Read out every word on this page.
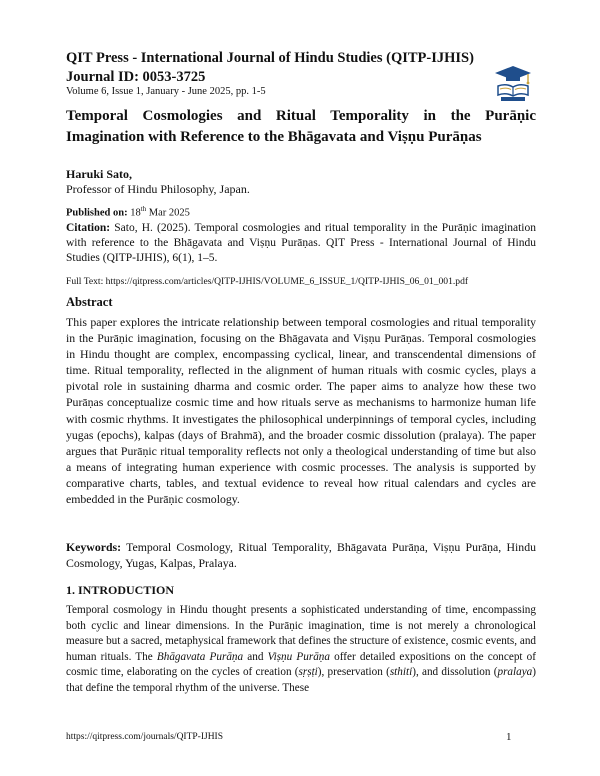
QIT Press - International Journal of Hindu Studies (QITP-IJHIS)
Journal ID: 0053-3725
Volume 6, Issue 1, January - June 2025, pp. 1-5
Temporal Cosmologies and Ritual Temporality in the Purāṇic Imagination with Reference to the Bhāgavata and Viṣṇu Purāṇas
Haruki Sato,
Professor of Hindu Philosophy, Japan.
Published on: 18th Mar 2025
Citation: Sato, H. (2025). Temporal cosmologies and ritual temporality in the Purāṇic imagination with reference to the Bhāgavata and Viṣṇu Purāṇas. QIT Press - International Journal of Hindu Studies (QITP-IJHIS), 6(1), 1–5.
Full Text: https://qitpress.com/articles/QITP-IJHIS/VOLUME_6_ISSUE_1/QITP-IJHIS_06_01_001.pdf
Abstract
This paper explores the intricate relationship between temporal cosmologies and ritual temporality in the Purāṇic imagination, focusing on the Bhāgavata and Viṣṇu Purāṇas. Temporal cosmologies in Hindu thought are complex, encompassing cyclical, linear, and transcendental dimensions of time. Ritual temporality, reflected in the alignment of human rituals with cosmic cycles, plays a pivotal role in sustaining dharma and cosmic order. The paper aims to analyze how these two Purāṇas conceptualize cosmic time and how rituals serve as mechanisms to harmonize human life with cosmic rhythms. It investigates the philosophical underpinnings of temporal cycles, including yugas (epochs), kalpas (days of Brahmā), and the broader cosmic dissolution (pralaya). The paper argues that Purāṇic ritual temporality reflects not only a theological understanding of time but also a means of integrating human experience with cosmic processes. The analysis is supported by comparative charts, tables, and textual evidence to reveal how ritual calendars and cycles are embedded in the Purāṇic cosmology.
Keywords: Temporal Cosmology, Ritual Temporality, Bhāgavata Purāṇa, Viṣṇu Purāṇa, Hindu Cosmology, Yugas, Kalpas, Pralaya.
1. INTRODUCTION
Temporal cosmology in Hindu thought presents a sophisticated understanding of time, encompassing both cyclic and linear dimensions. In the Purāṇic imagination, time is not merely a chronological measure but a sacred, metaphysical framework that defines the structure of existence, cosmic events, and human rituals. The Bhāgavata Purāṇa and Viṣṇu Purāṇa offer detailed expositions on the concept of cosmic time, elaborating on the cycles of creation (sṛṣṭi), preservation (sthiti), and dissolution (pralaya) that define the temporal rhythm of the universe. These
https://qitpress.com/journals/QITP-IJHIS	1
